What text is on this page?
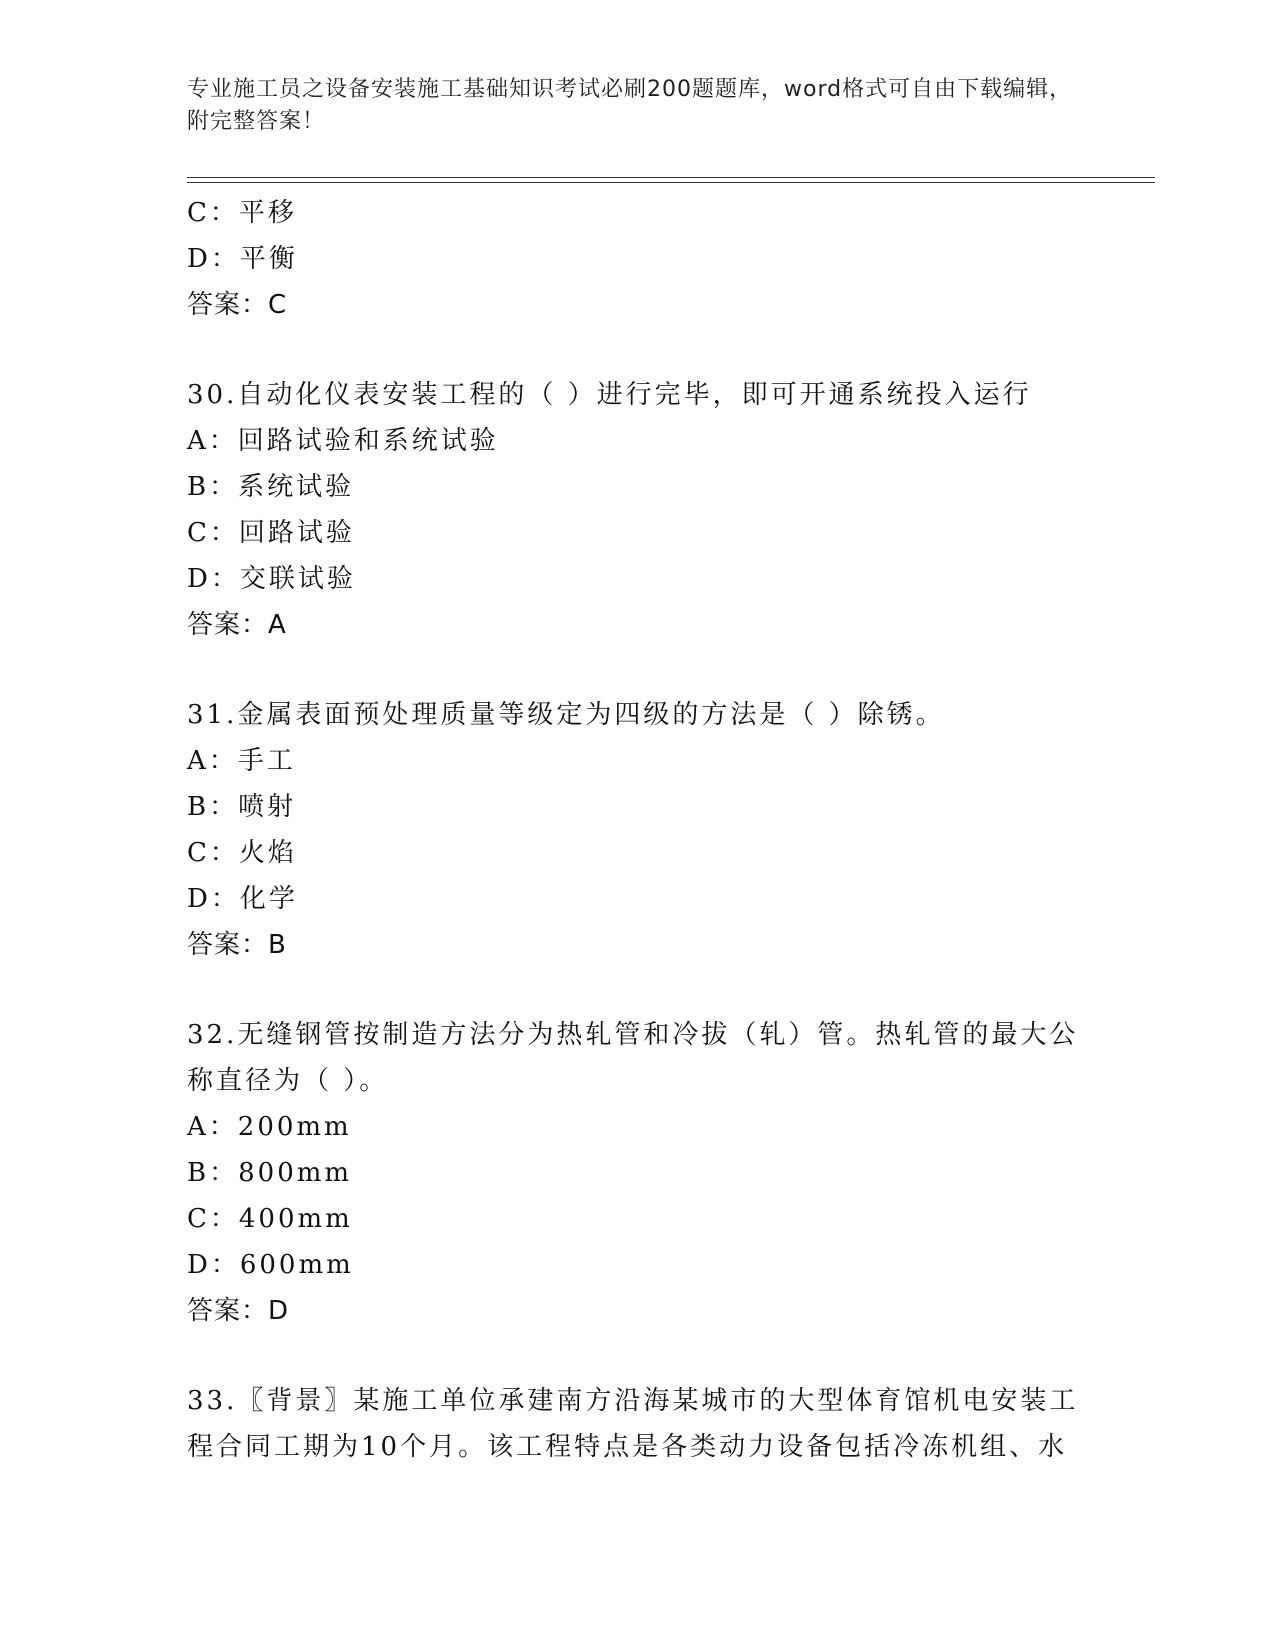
专业施工员之设备安装施工基础知识考试必刷200题题库，word格式可自由下载编辑，附完整答案！
C：平移
D：平衡
答案：C
30.自动化仪表安装工程的（ ）进行完毕，即可开通系统投入运行
A：回路试验和系统试验
B：系统试验
C：回路试验
D：交联试验
答案：A
31.金属表面预处理质量等级定为四级的方法是（ ）除锈。
A：手工
B：喷射
C：火焰
D：化学
答案：B
32.无缝钢管按制造方法分为热轧管和冷拔（轧）管。热轧管的最大公称直径为（ ）。
A：200mm
B：800mm
C：400mm
D：600mm
答案：D
33.〖背景〗某施工单位承建南方沿海某城市的大型体育馆机电安装工程合同工期为10个月。该工程特点是各类动力设备包括冷冻机组、水
